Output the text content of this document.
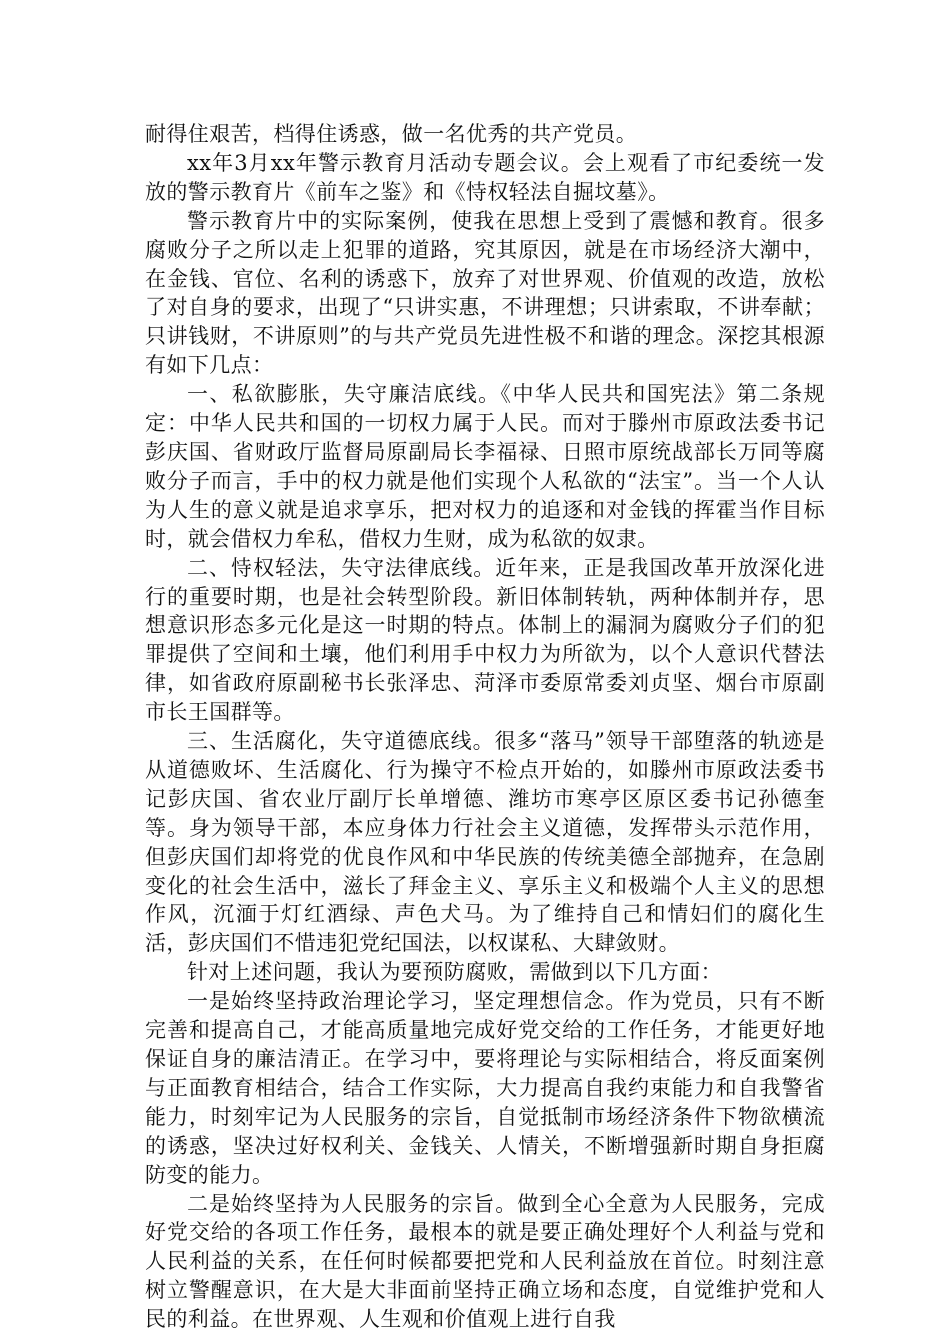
耐得住艰苦，档得住诱惑，做一名优秀的共产党员。

xx年3月xx年警示教育月活动专题会议。会上观看了市纪委统一发放的警示教育片《前车之鉴》和《恃权轻法自掘坟墓》。

警示教育片中的实际案例，使我在思想上受到了震憾和教育。很多腐败分子之所以走上犯罪的道路，究其原因，就是在市场经济大潮中，在金钱、官位、名利的诱惑下，放弃了对世界观、价值观的改造，放松了对自身的要求，出现了“只讲实惠，不讲理想；只讲索取，不讲奉献；只讲钱财，不讲原则”的与共产党员先进性极不和谐的理念。深挖其根源有如下几点：

一、私欲膨胀，失守廉洁底线。《中华人民共和国宪法》第二条规定：中华人民共和国的一切权力属于人民。而对于滕州市原政法委书记彭庆国、省财政厅监督局原副局长李福禄、日照市原统战部长万同等腐败分子而言，手中的权力就是他们实现个人私欲的“法宝”。当一个人认为人生的意义就是追求享乐，把对权力的追逐和对金钱的挥霍当作目标时，就会借权力牟私，借权力生财，成为私欲的奴隶。

二、恃权轻法，失守法律底线。近年来，正是我国改革开放深化进行的重要时期，也是社会转型阶段。新旧体制转轨，两种体制并存，思想意识形态多元化是这一时期的特点。体制上的漏洞为腐败分子们的犯罪提供了空间和土壤，他们利用手中权力为所欲为，以个人意识代替法律，如省政府原副秘书长张泽忠、菏泽市委原常委刘贞坚、烟台市原副市长王国群等。

三、生活腐化，失守道德底线。很多“落马”领导干部堕落的轨迹是从道德败坏、生活腐化、行为操守不检点开始的，如滕州市原政法委书记彭庆国、省农业厅副厅长单增德、潍坊市寒亭区原区委书记孙德奎等。身为领导干部，本应身体力行社会主义道德，发挥带头示范作用，但彭庆国们却将党的优良作风和中华民族的传统美德全部抛弃，在急剧变化的社会生活中，滋长了拜金主义、享乐主义和极端个人主义的思想作风，沉湎于灯红酒绿、声色犬马。为了维持自己和情妇们的腐化生活，彭庆国们不惜违犯党纪国法，以权谋私、大肆敛财。

针对上述问题，我认为要预防腐败，需做到以下几方面：

一是始终坚持政治理论学习，坚定理想信念。作为党员，只有不断完善和提高自己，才能高质量地完成好党交给的工作任务，才能更好地保证自身的廉洁清正。在学习中，要将理论与实际相结合，将反面案例与正面教育相结合，结合工作实际，大力提高自我约束能力和自我警省能力，时刻牢记为人民服务的宗旨，自觉抵制市场经济条件下物欲横流的诱惑，坚决过好权利关、金钱关、人情关，不断增强新时期自身拒腐防变的能力。

二是始终坚持为人民服务的宗旨。做到全心全意为人民服务，完成好党交给的各项工作任务，最根本的就是要正确处理好个人利益与党和人民利益的关系，在任何时候都要把党和人民利益放在首位。时刻注意树立警醒意识，在大是大非面前坚持正确立场和态度，自觉维护党和人民的利益。在世界观、人生观和价值观上进行自我
